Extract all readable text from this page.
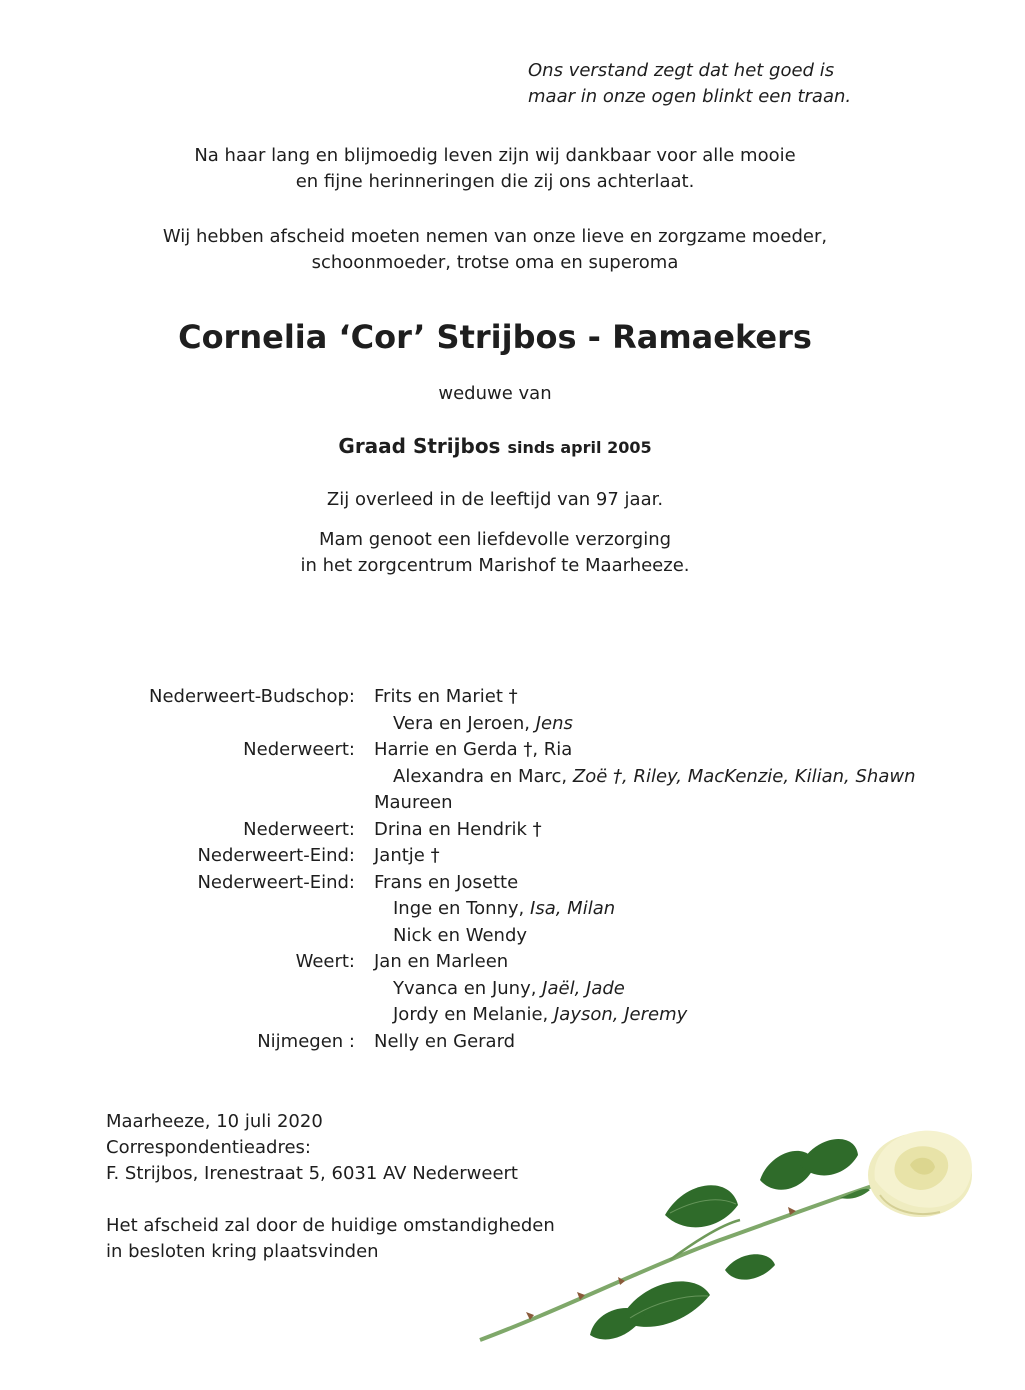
Ons verstand zegt dat het goed is
maar in onze ogen blinkt een traan.
Na haar lang en blijmoedig leven zijn wij dankbaar voor alle mooie
en fijne herinneringen die zij ons achterlaat.
Wij hebben afscheid moeten nemen van onze lieve en zorgzame moeder,
schoonmoeder, trotse oma en superoma
Cornelia ‘Cor’ Strijbos - Ramaekers
weduwe van
Graad Strijbos sinds april 2005
Zij overleed in de leeftijd van 97 jaar.
Mam genoot een liefdevolle verzorging
in het zorgcentrum Marishof te Maarheeze.
Nederweert-Budschop: Frits en Mariet †
Vera en Jeroen, Jens
Nederweert: Harrie en Gerda †, Ria
Alexandra en Marc, Zoë †, Riley, MacKenzie, Kilian, Shawn
Maureen
Nederweert: Drina en Hendrik †
Nederweert-Eind: Jantje †
Nederweert-Eind: Frans en Josette
Inge en Tonny, Isa, Milan
Nick en Wendy
Weert: Jan en Marleen
Yvanca en Juny, Jaël, Jade
Jordy en Melanie, Jayson, Jeremy
Nijmegen : Nelly en Gerard
Maarheeze, 10 juli 2020
Correspondentieadres:
F. Strijbos, Irenestraat 5, 6031 AV Nederweert
Het afscheid zal door de huidige omstandigheden
in besloten kring plaatsvinden
